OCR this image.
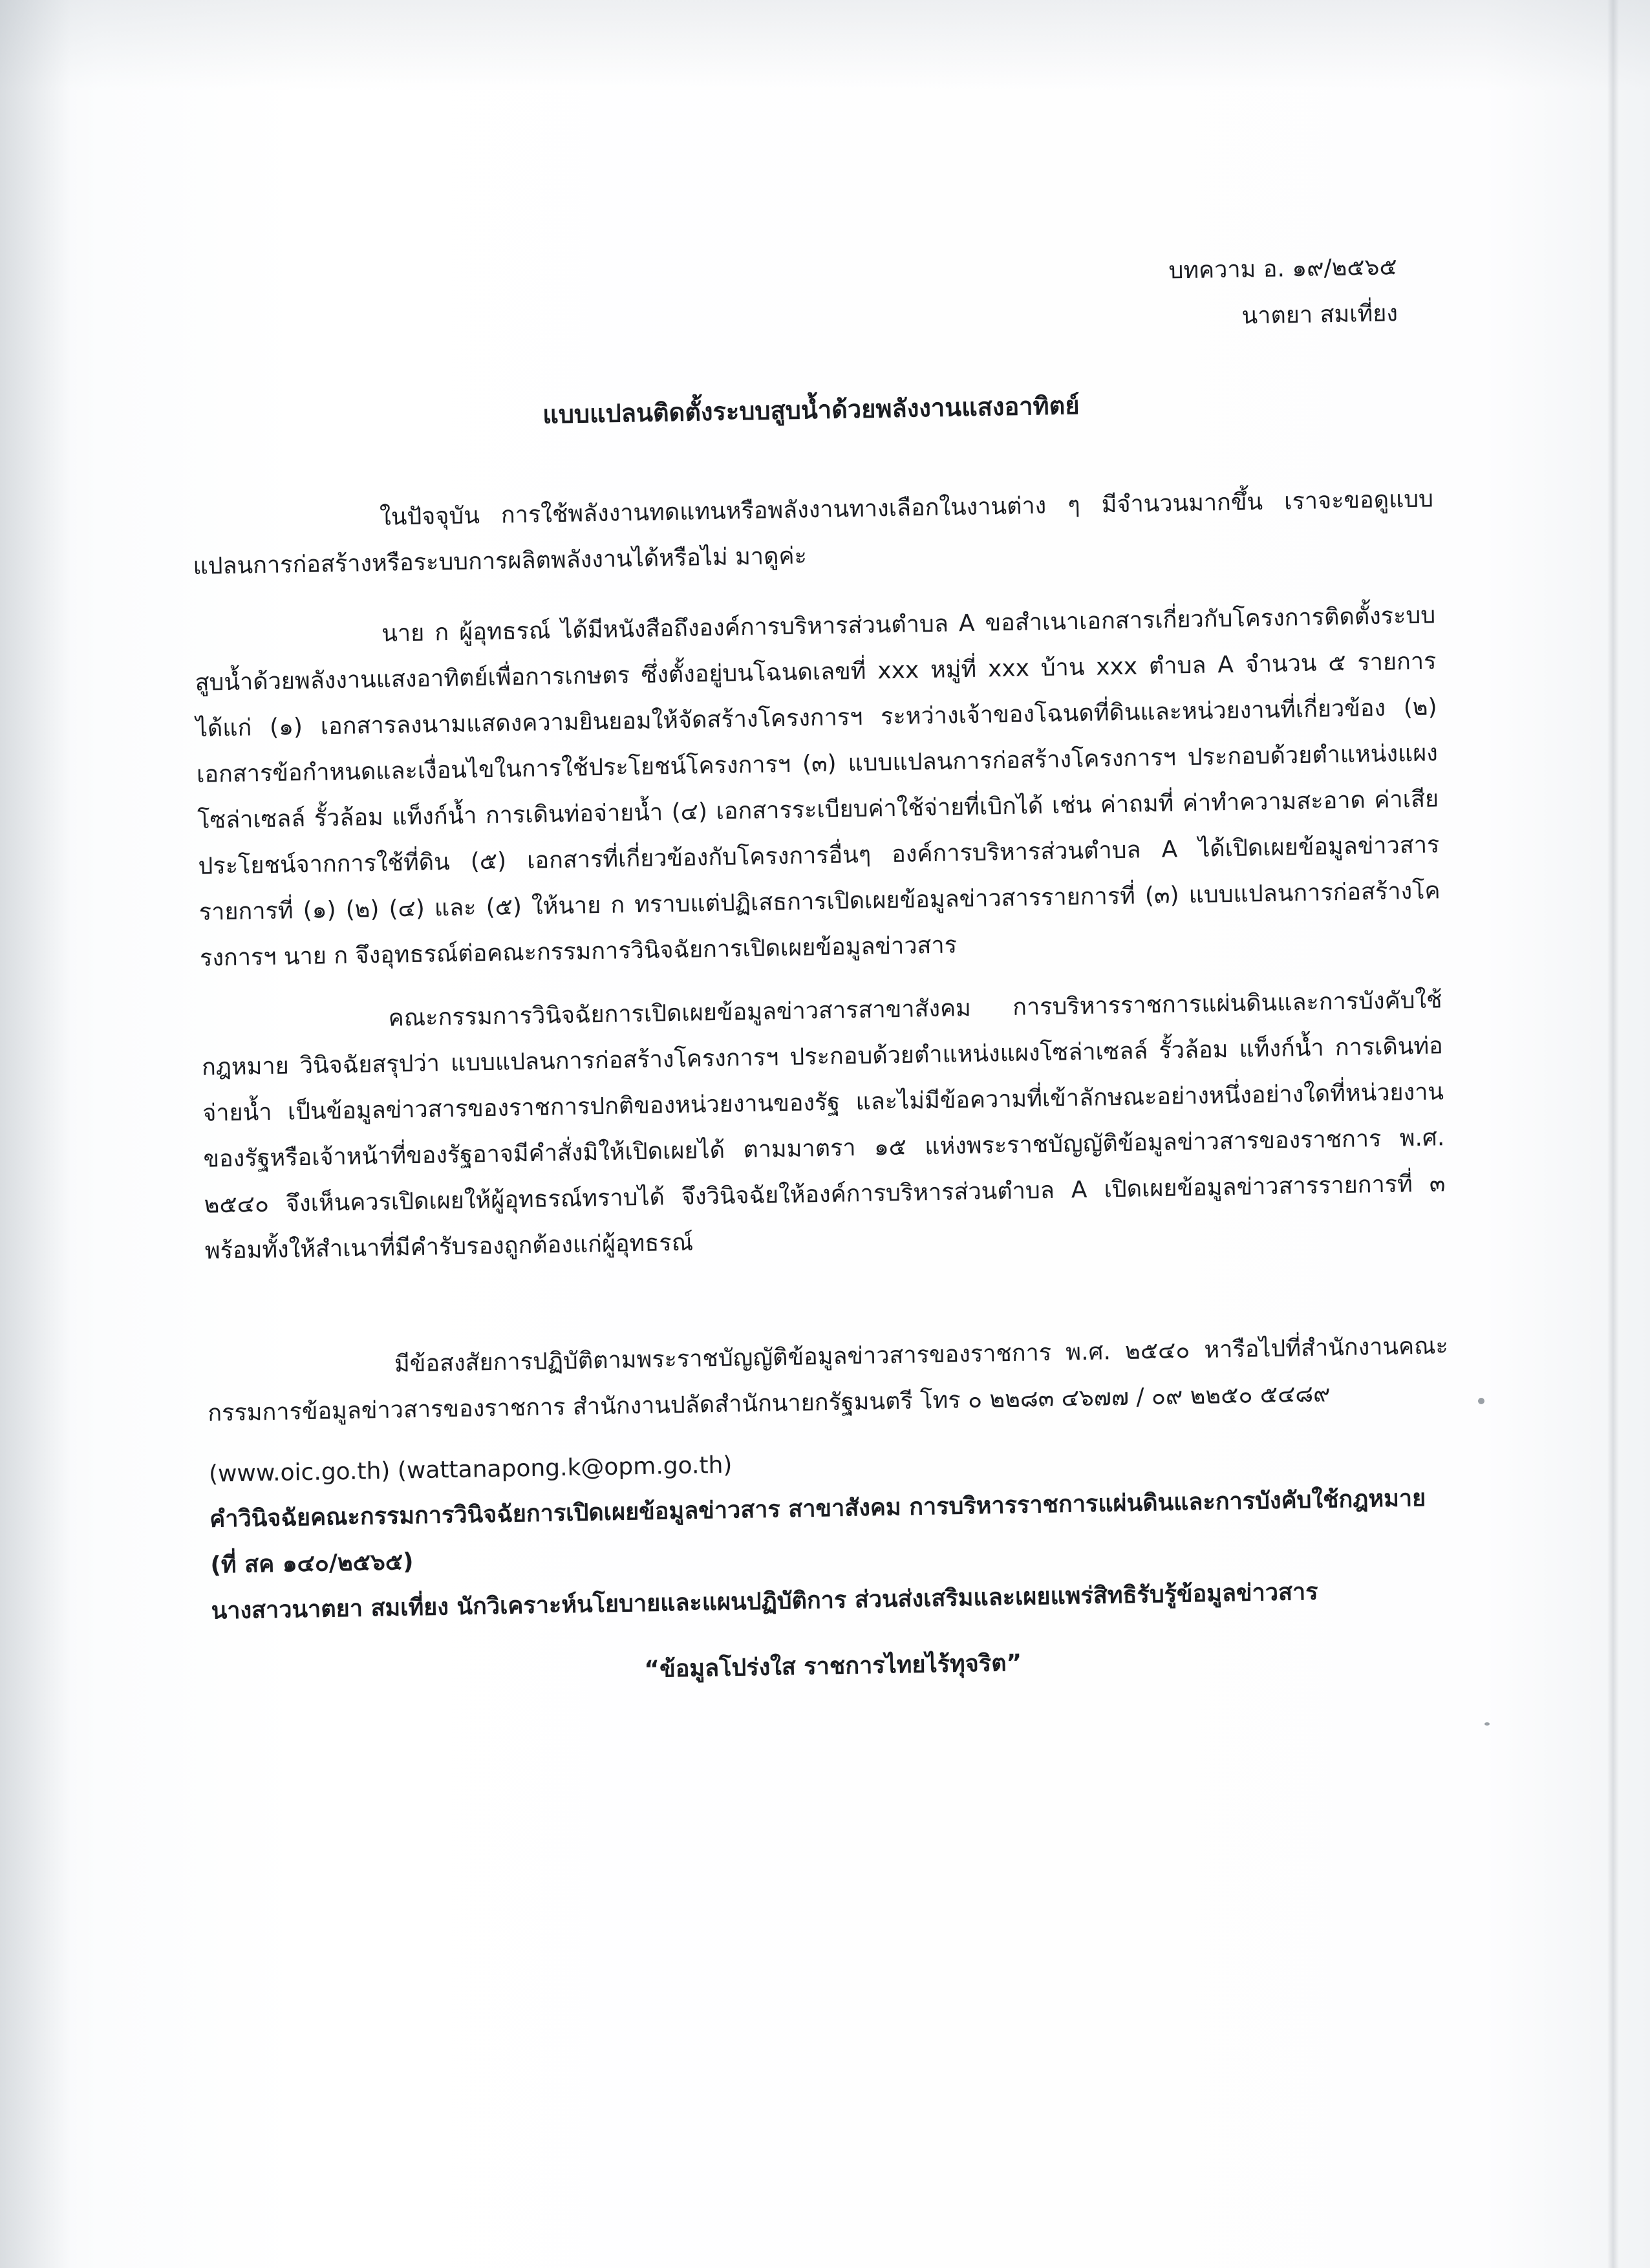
บทความ อ. ๑๙/๒๕๖๕
นาตยา สมเที่ยง
แบบแปลนติดตั้งระบบสูบน้ำด้วยพลังงานแสงอาทิตย์
ในปัจจุบัน การใช้พลังงานทดแทนหรือพลังงานทางเลือกในงานต่าง ๆ มีจำนวนมากขึ้น เราจะขอดูแบบแปลนการก่อสร้างหรือระบบการผลิตพลังงานได้หรือไม่ มาดูค่ะ
นาย ก ผู้อุทธรณ์ ได้มีหนังสือถึงองค์การบริหารส่วนตำบล A ขอสำเนาเอกสารเกี่ยวกับโครงการติดตั้งระบบสูบน้ำด้วยพลังงานแสงอาทิตย์เพื่อการเกษตร ซึ่งตั้งอยู่บนโฉนดเลขที่ xxx หมู่ที่ xxx บ้าน xxx ตำบล A จำนวน ๕ รายการ ได้แก่ (๑) เอกสารลงนามแสดงความยินยอมให้จัดสร้างโครงการฯ ระหว่างเจ้าของโฉนดที่ดินและหน่วยงานที่เกี่ยวข้อง (๒) เอกสารข้อกำหนดและเงื่อนไขในการใช้ประโยชน์โครงการฯ (๓) แบบแปลนการก่อสร้างโครงการฯ ประกอบด้วยตำแหน่งแผงโซล่าเซลล์ รั้วล้อม แท็งก์น้ำ การเดินท่อจ่ายน้ำ (๔) เอกสารระเบียบค่าใช้จ่ายที่เบิกได้ เช่น ค่าถมที่ ค่าทำความสะอาด ค่าเสียประโยชน์จากการใช้ที่ดิน (๕) เอกสารที่เกี่ยวข้องกับโครงการอื่นๆ องค์การบริหารส่วนตำบล A ได้เปิดเผยข้อมูลข่าวสารรายการที่ (๑) (๒) (๔) และ (๕) ให้นาย ก ทราบแต่ปฏิเสธการเปิดเผยข้อมูลข่าวสารรายการที่ (๓) แบบแปลนการก่อสร้างโครงการฯ นาย ก จึงอุทธรณ์ต่อคณะกรรมการวินิจฉัยการเปิดเผยข้อมูลข่าวสาร
คณะกรรมการวินิจฉัยการเปิดเผยข้อมูลข่าวสารสาขาสังคม การบริหารราชการแผ่นดินและการบังคับใช้กฎหมาย วินิจฉัยสรุปว่า แบบแปลนการก่อสร้างโครงการฯ ประกอบด้วยตำแหน่งแผงโซล่าเซลล์ รั้วล้อม แท็งก์น้ำ การเดินท่อจ่ายน้ำ เป็นข้อมูลข่าวสารของราชการปกติของหน่วยงานของรัฐ และไม่มีข้อความที่เข้าลักษณะอย่างหนึ่งอย่างใดที่หน่วยงานของรัฐหรือเจ้าหน้าที่ของรัฐอาจมีคำสั่งมิให้เปิดเผยได้ ตามมาตรา ๑๕ แห่งพระราชบัญญัติข้อมูลข่าวสารของราชการ พ.ศ. ๒๕๔๐ จึงเห็นควรเปิดเผยให้ผู้อุทธรณ์ทราบได้ จึงวินิจฉัยให้องค์การบริหารส่วนตำบล A เปิดเผยข้อมูลข่าวสารรายการที่ ๓ พร้อมทั้งให้สำเนาที่มีคำรับรองถูกต้องแก่ผู้อุทธรณ์
มีข้อสงสัยการปฏิบัติตามพระราชบัญญัติข้อมูลข่าวสารของราชการ พ.ศ. ๒๕๔๐ หารือไปที่สำนักงานคณะกรรมการข้อมูลข่าวสารของราชการ สำนักงานปลัดสำนักนายกรัฐมนตรี โทร ๐ ๒๒๘๓ ๔๖๗๗ / ๐๙ ๒๒๕๐ ๕๔๘๙
(www.oic.go.th) (wattanapong.k@opm.go.th)
คำวินิจฉัยคณะกรรมการวินิจฉัยการเปิดเผยข้อมูลข่าวสาร สาขาสังคม การบริหารราชการแผ่นดินและการบังคับใช้กฎหมาย (ที่ สค ๑๔๐/๒๕๖๕)
นางสาวนาตยา สมเที่ยง นักวิเคราะห์นโยบายและแผนปฏิบัติการ ส่วนส่งเสริมและเผยแพร่สิทธิรับรู้ข้อมูลข่าวสาร
“ข้อมูลโปร่งใส ราชการไทยไร้ทุจริต”
